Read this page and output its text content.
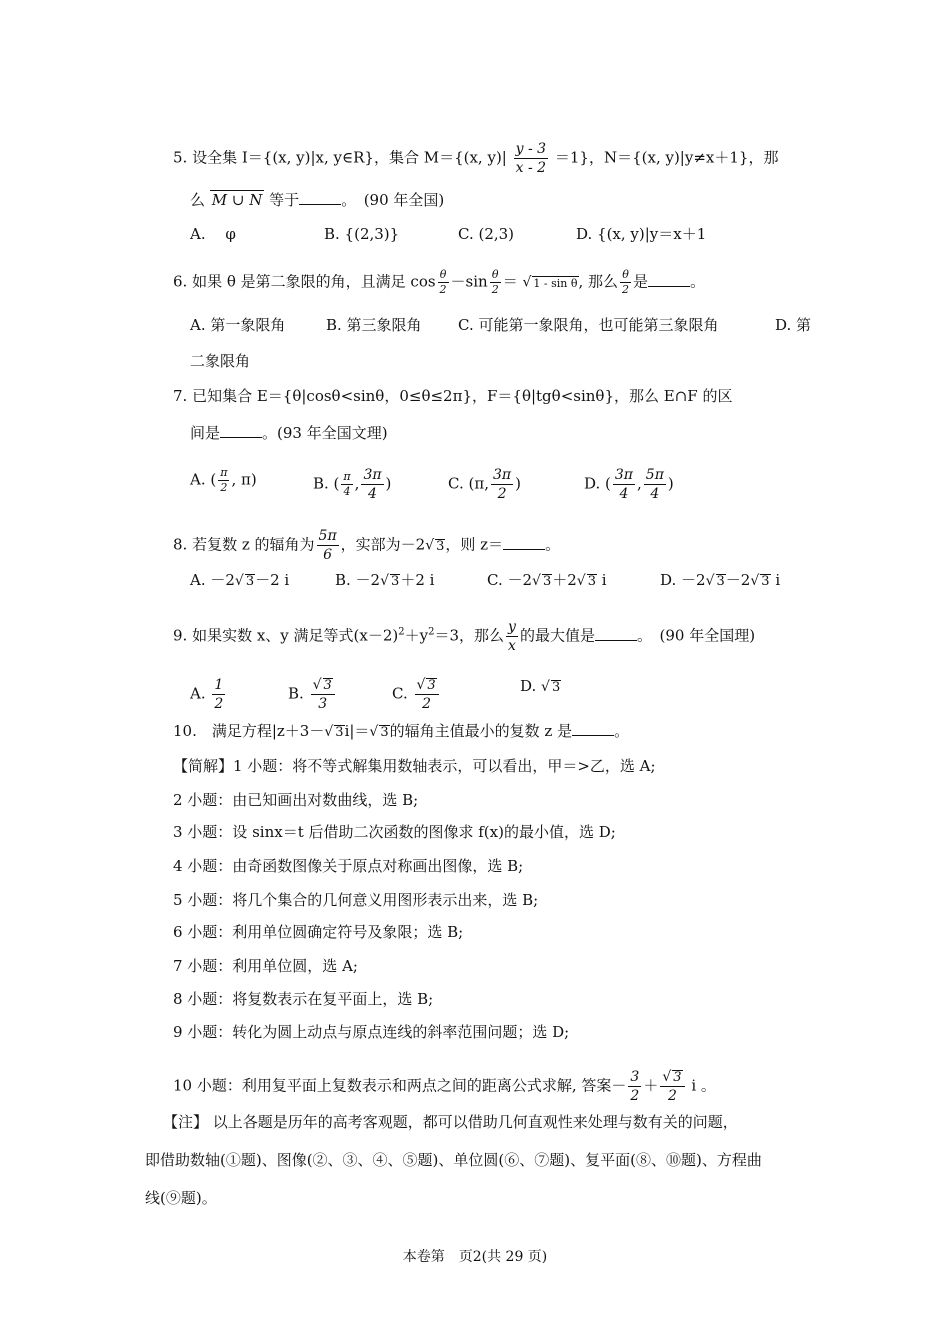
5. 设全集 I＝{(x, y)|x, y∈R}，集合 M＝{(x, $y)| \frac{y - 3}{x - 2} =1$}，N＝{(x, y)|y≠x＋1}，那
么 M ∪ N 等于	。　(90 年全国)
A.　 φ	B. {(2,3)}	C. (2,3)	D. {(x, y)|y＝x＋1
6. 如果 θ 是第二象限的角，且满足 $\cos \frac{\theta}{2} -\sin \frac{\theta}{2}$ ＝ √ 1 - sin θ, 那么 $\frac{\theta}{2}$ 是	。
A. 第一象限角	B. 第三象限角 C. 可能第一象限角，也可能第三象限角	D. 第
二象限角
7. 已知集合 E＝{θ|cosθ<sinθ，0≤θ≤2π}，F＝{θ|tgθ<sinθ}，那么 E∩F 的区
间是	。(93 年全国文理)
A. ( $\frac{\pi}{2}$ , π)	B. ( $\frac{\pi}{4}$ , $\frac{3\pi}{4}$ )	C. (π, $\frac{3\pi}{2}$ )	D. ( $\frac{3\pi}{4}$ , $\frac{5\pi}{4}$ )
8. 若复数 z 的辐角为 $\frac{5\pi}{6}$ ，实部为－2√ 3，则 z＝	。
A. －2√ 3－2 i	B. －2√ 3＋2 i	C. －2√ 3＋2√ 3 i	D. －2√ 3－2√ 3 i
9. 如果实数 x、y 满足等式$(x-2)^2+y^2=3$，那么 $\frac{y}{x}$ 的最大值是	。　(90 年全国理)
A. $\frac{1}{2}$	B. $\frac{√ 3}{3}$	C. $\frac{√ 3}{2}$	D. √ 3
10.　满足方程|z＋3－√ 3i|＝√ 3的辐角主值最小的复数 z 是	。
【简解】1 小题：将不等式解集用数轴表示，可以看出，甲＝>乙，选 A;
2 小题：由已知画出对数曲线，选 B;
3 小题：设 sinx＝t 后借助二次函数的图像求 f(x)的最小值，选 D;
4 小题：由奇函数图像关于原点对称画出图像，选 B;
5 小题：将几个集合的几何意义用图形表示出来，选 B;
6 小题：利用单位圆确定符号及象限；选 B;
7 小题：利用单位圆，选 A;
8 小题：将复数表示在复平面上，选 B;
9 小题：转化为圆上动点与原点连线的斜率范围问题；选 D;
10 小题：利用复平面上复数表示和两点之间的距离公式求解, 答案－ $\frac{3}{2} + \frac{√ 3}{2}$ i 。
【注】 以上各题是历年的高考客观题，都可以借助几何直观性来处理与数有关的问题，
即借助数轴(①题)、图像(②、③、④、⑤题)、单位圆(⑥、⑦题)、复平面(⑧、⑩题)、方程曲
线(⑨题)。
本卷第　页2(共 29 页)
